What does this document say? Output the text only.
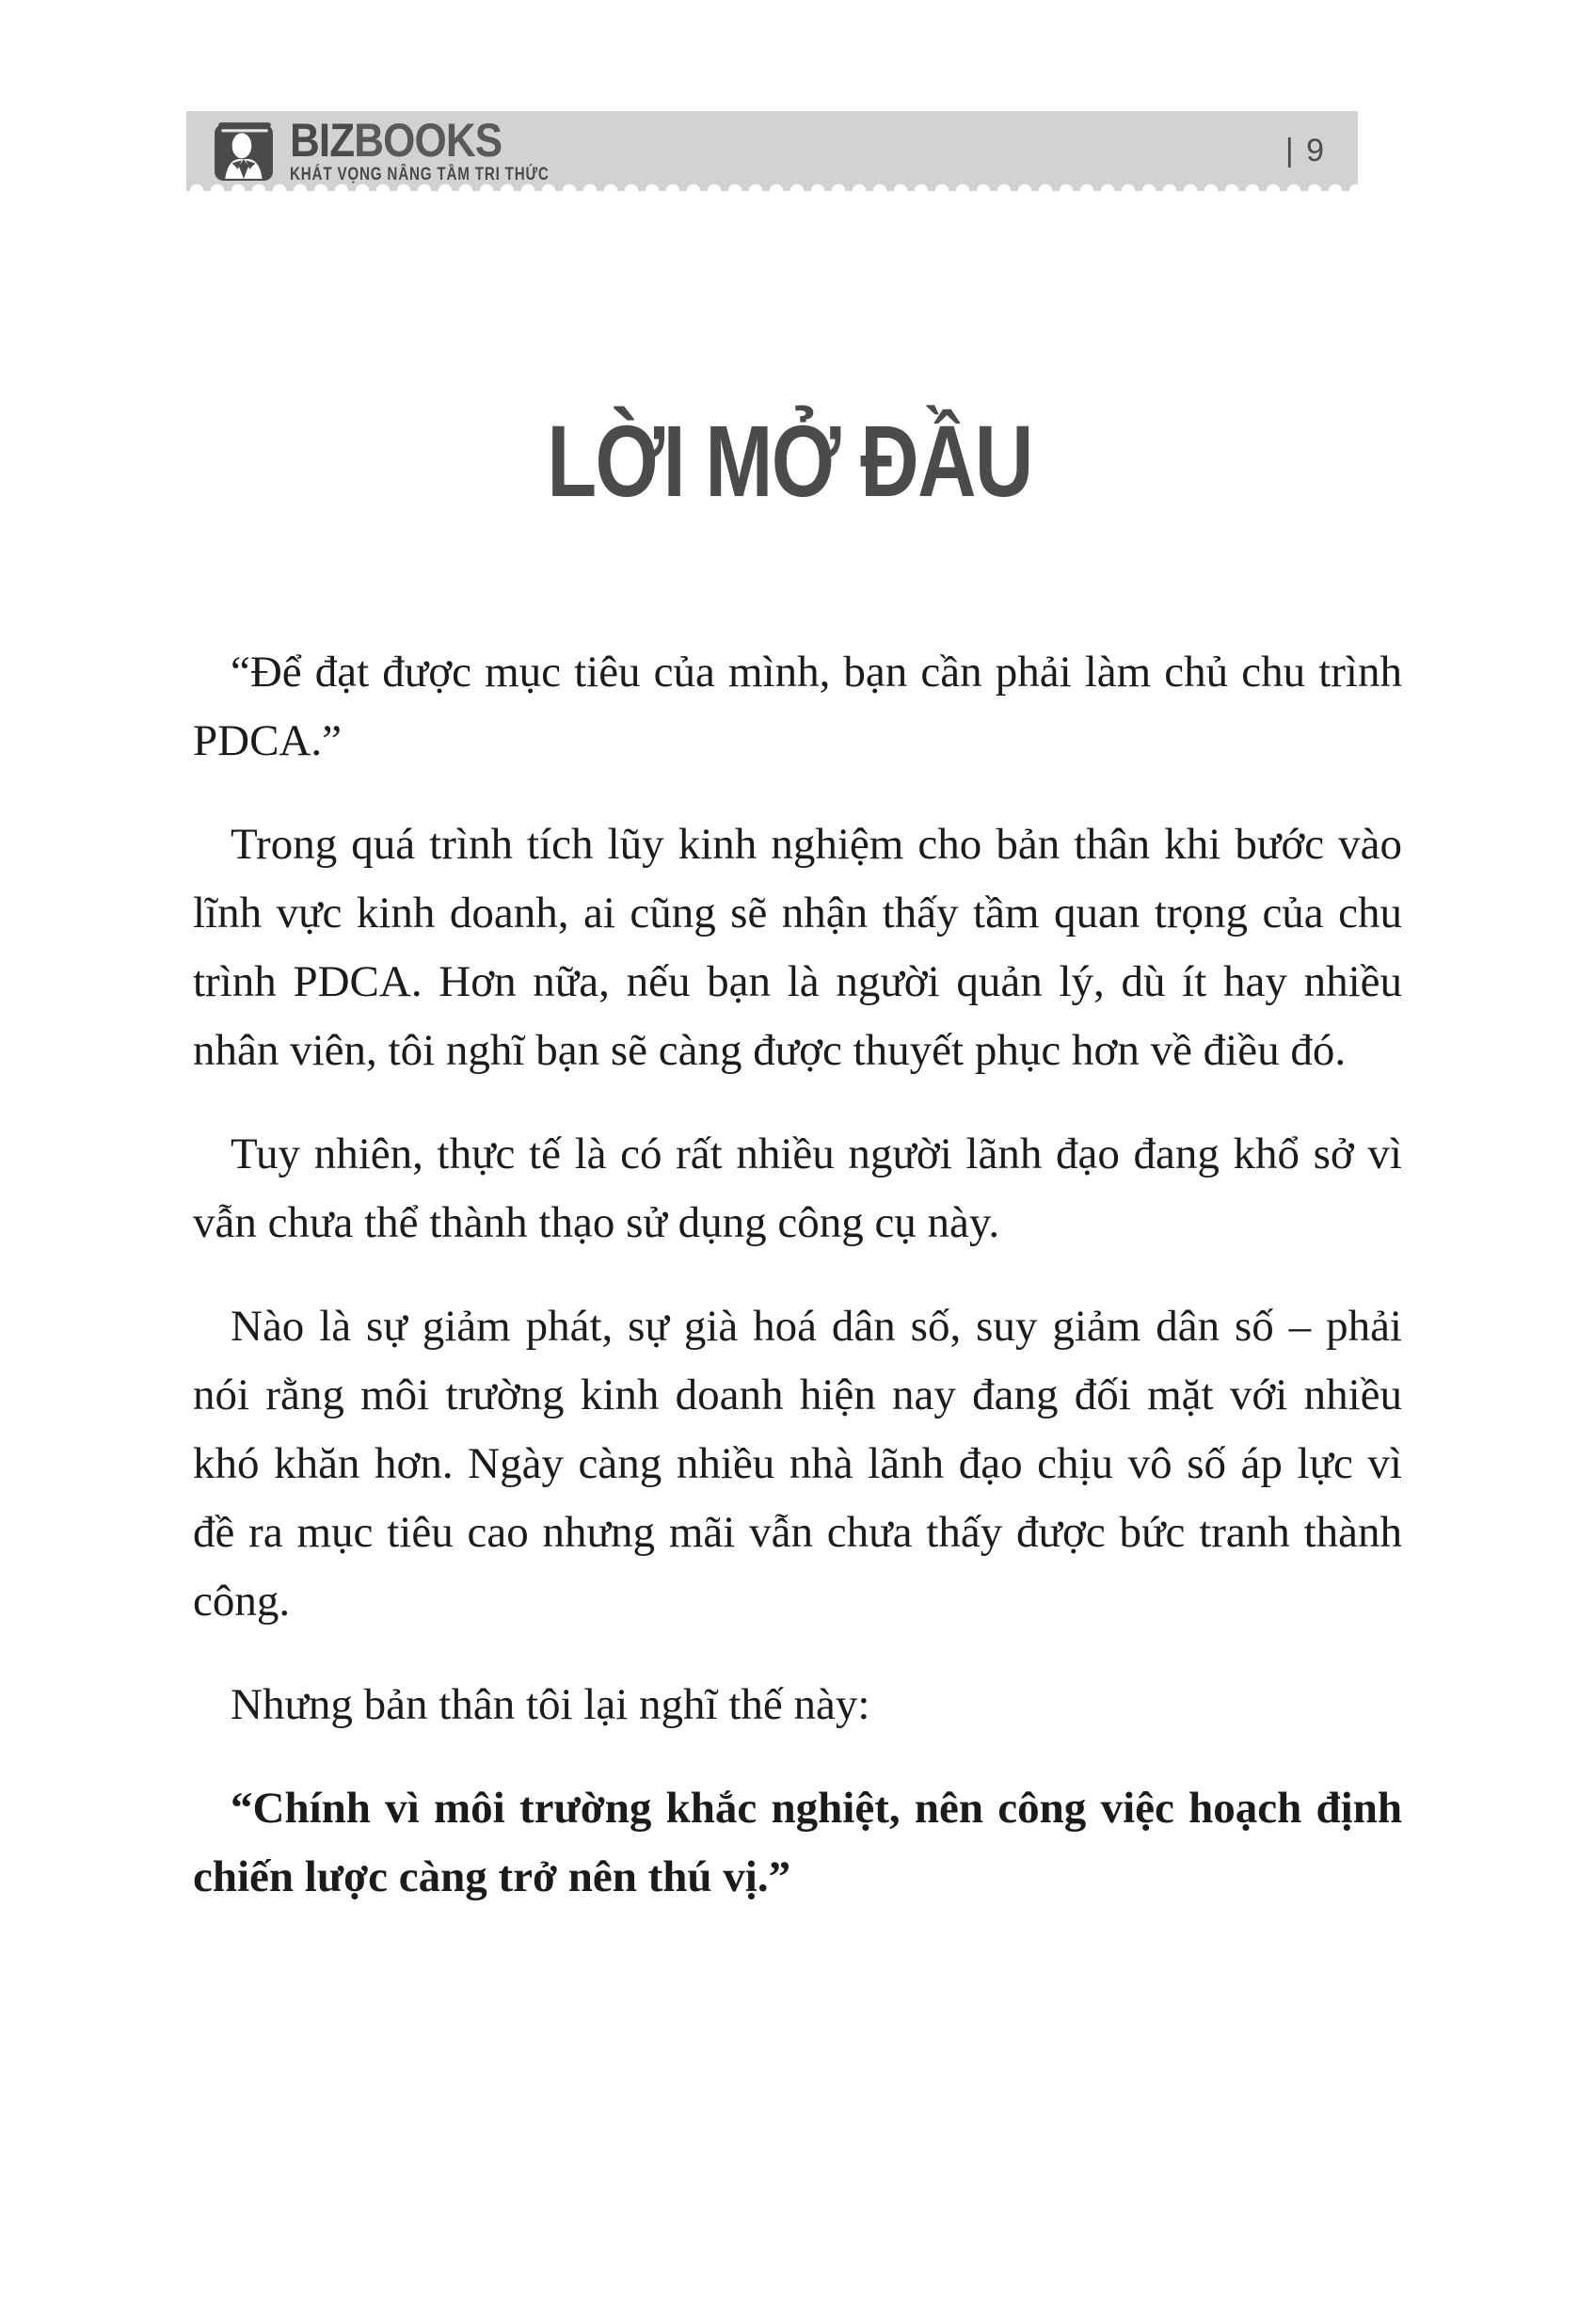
BIZBOOKS
KHÁT VỌNG NÂNG TẦM TRI THỨC
| 9
LỜI MỞ ĐẦU

“Để đạt được mục tiêu của mình, bạn cần phải làm chủ chu trình PDCA.”

Trong quá trình tích lũy kinh nghiệm cho bản thân khi bước vào lĩnh vực kinh doanh, ai cũng sẽ nhận thấy tầm quan trọng của chu trình PDCA. Hơn nữa, nếu bạn là người quản lý, dù ít hay nhiều nhân viên, tôi nghĩ bạn sẽ càng được thuyết phục hơn về điều đó.

Tuy nhiên, thực tế là có rất nhiều người lãnh đạo đang khổ sở vì vẫn chưa thể thành thạo sử dụng công cụ này.

Nào là sự giảm phát, sự già hoá dân số, suy giảm dân số – phải nói rằng môi trường kinh doanh hiện nay đang đối mặt với nhiều khó khăn hơn. Ngày càng nhiều nhà lãnh đạo chịu vô số áp lực vì đề ra mục tiêu cao nhưng mãi vẫn chưa thấy được bức tranh thành công.

Nhưng bản thân tôi lại nghĩ thế này:

“Chính vì môi trường khắc nghiệt, nên công việc hoạch định chiến lược càng trở nên thú vị.”
